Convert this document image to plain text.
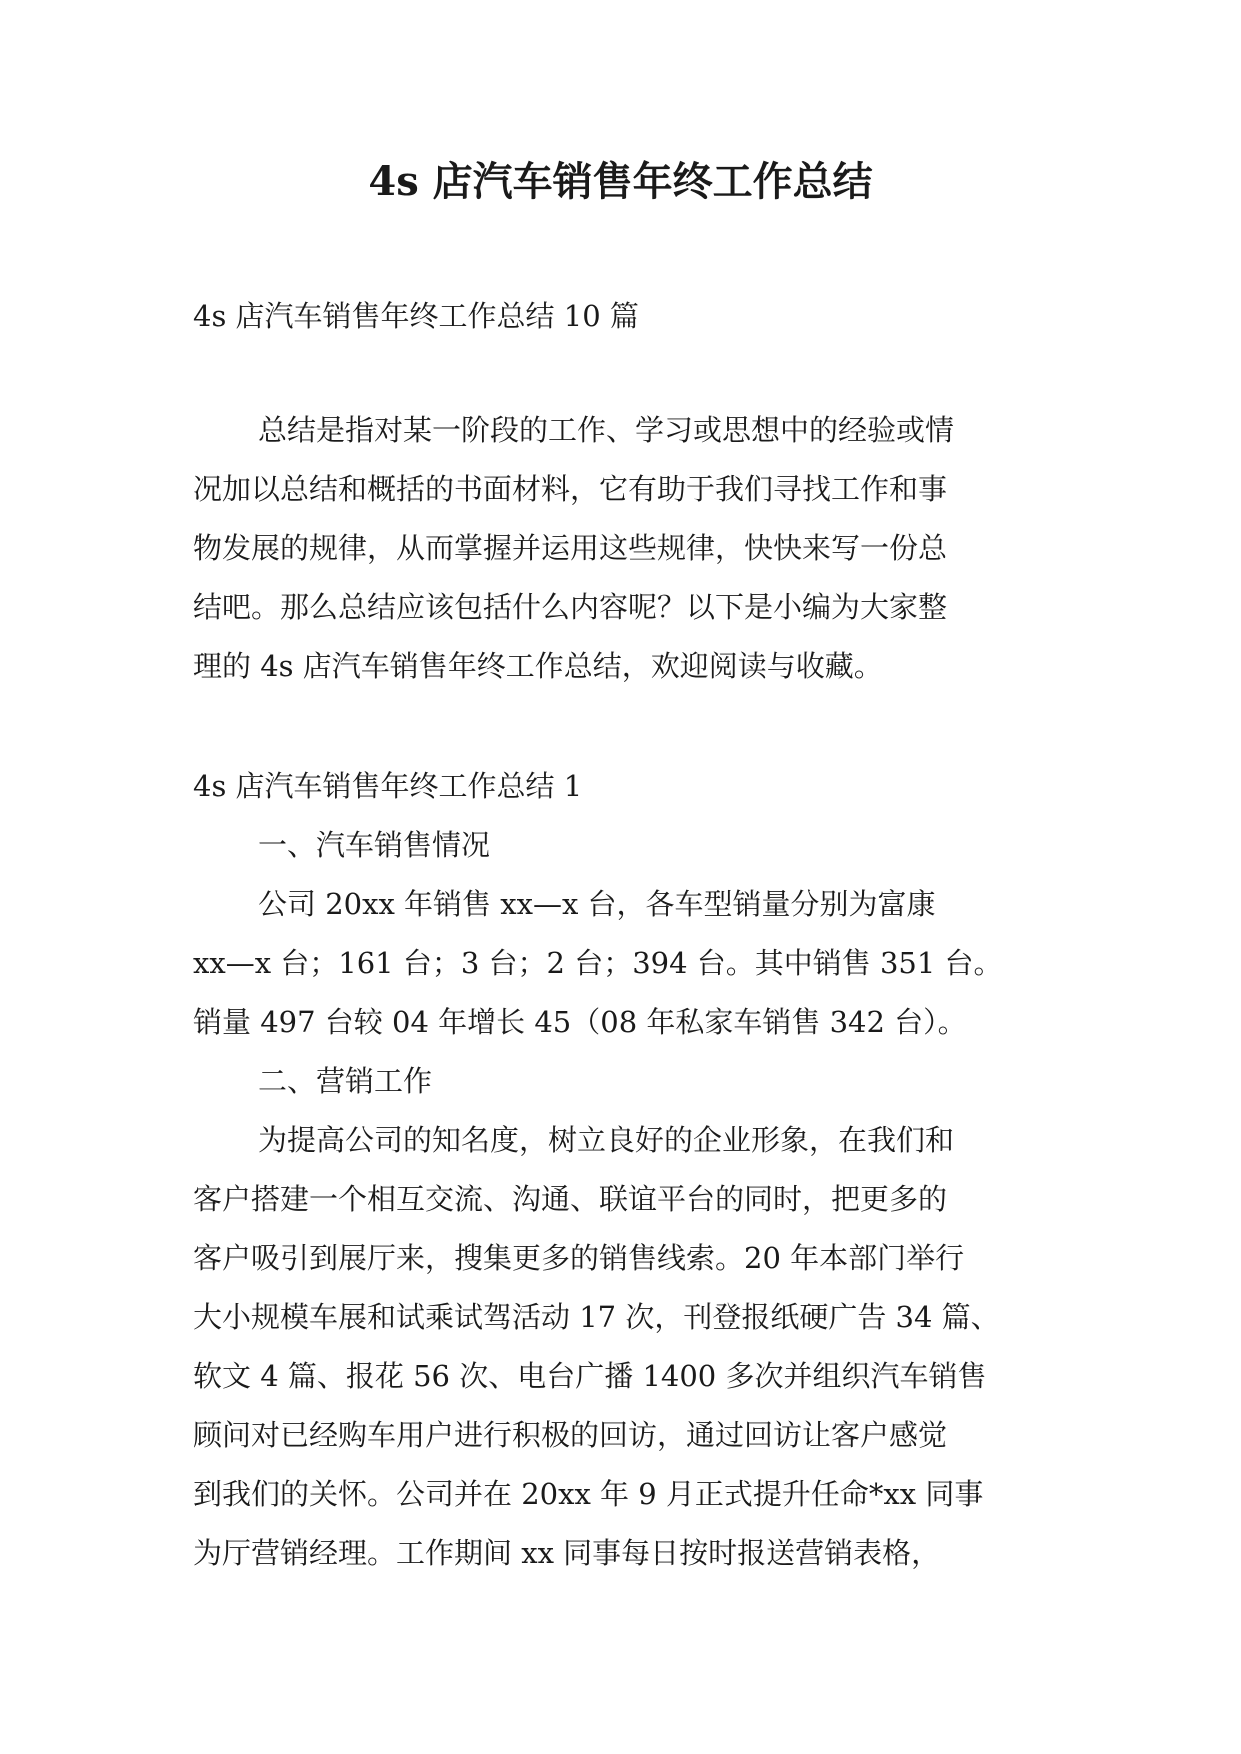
4s 店汽车销售年终工作总结

4s 店汽车销售年终工作总结 10 篇

总结是指对某一阶段的工作、学习或思想中的经验或情

况加以总结和概括的书面材料，它有助于我们寻找工作和事

物发展的规律，从而掌握并运用这些规律，快快来写一份总

结吧。那么总结应该包括什么内容呢？以下是小编为大家整

理的 4s 店汽车销售年终工作总结，欢迎阅读与收藏。

4s 店汽车销售年终工作总结 1

一、汽车销售情况

公司 20xx 年销售 xx—x 台，各车型销量分别为富康

xx—x 台；161 台；3 台；2 台；394 台。其中销售 351 台。

销量 497 台较 04 年增长 45（08 年私家车销售 342 台）。

二、营销工作

为提高公司的知名度，树立良好的企业形象，在我们和

客户搭建一个相互交流、沟通、联谊平台的同时，把更多的

客户吸引到展厅来，搜集更多的销售线索。20 年本部门举行

大小规模车展和试乘试驾活动 17 次，刊登报纸硬广告 34 篇、

软文 4 篇、报花 56 次、电台广播 1400 多次并组织汽车销售

顾问对已经购车用户进行积极的回访，通过回访让客户感觉

到我们的关怀。公司并在 20xx 年 9 月正式提升任命*xx 同事

为厅营销经理。工作期间 xx 同事每日按时报送营销表格，
